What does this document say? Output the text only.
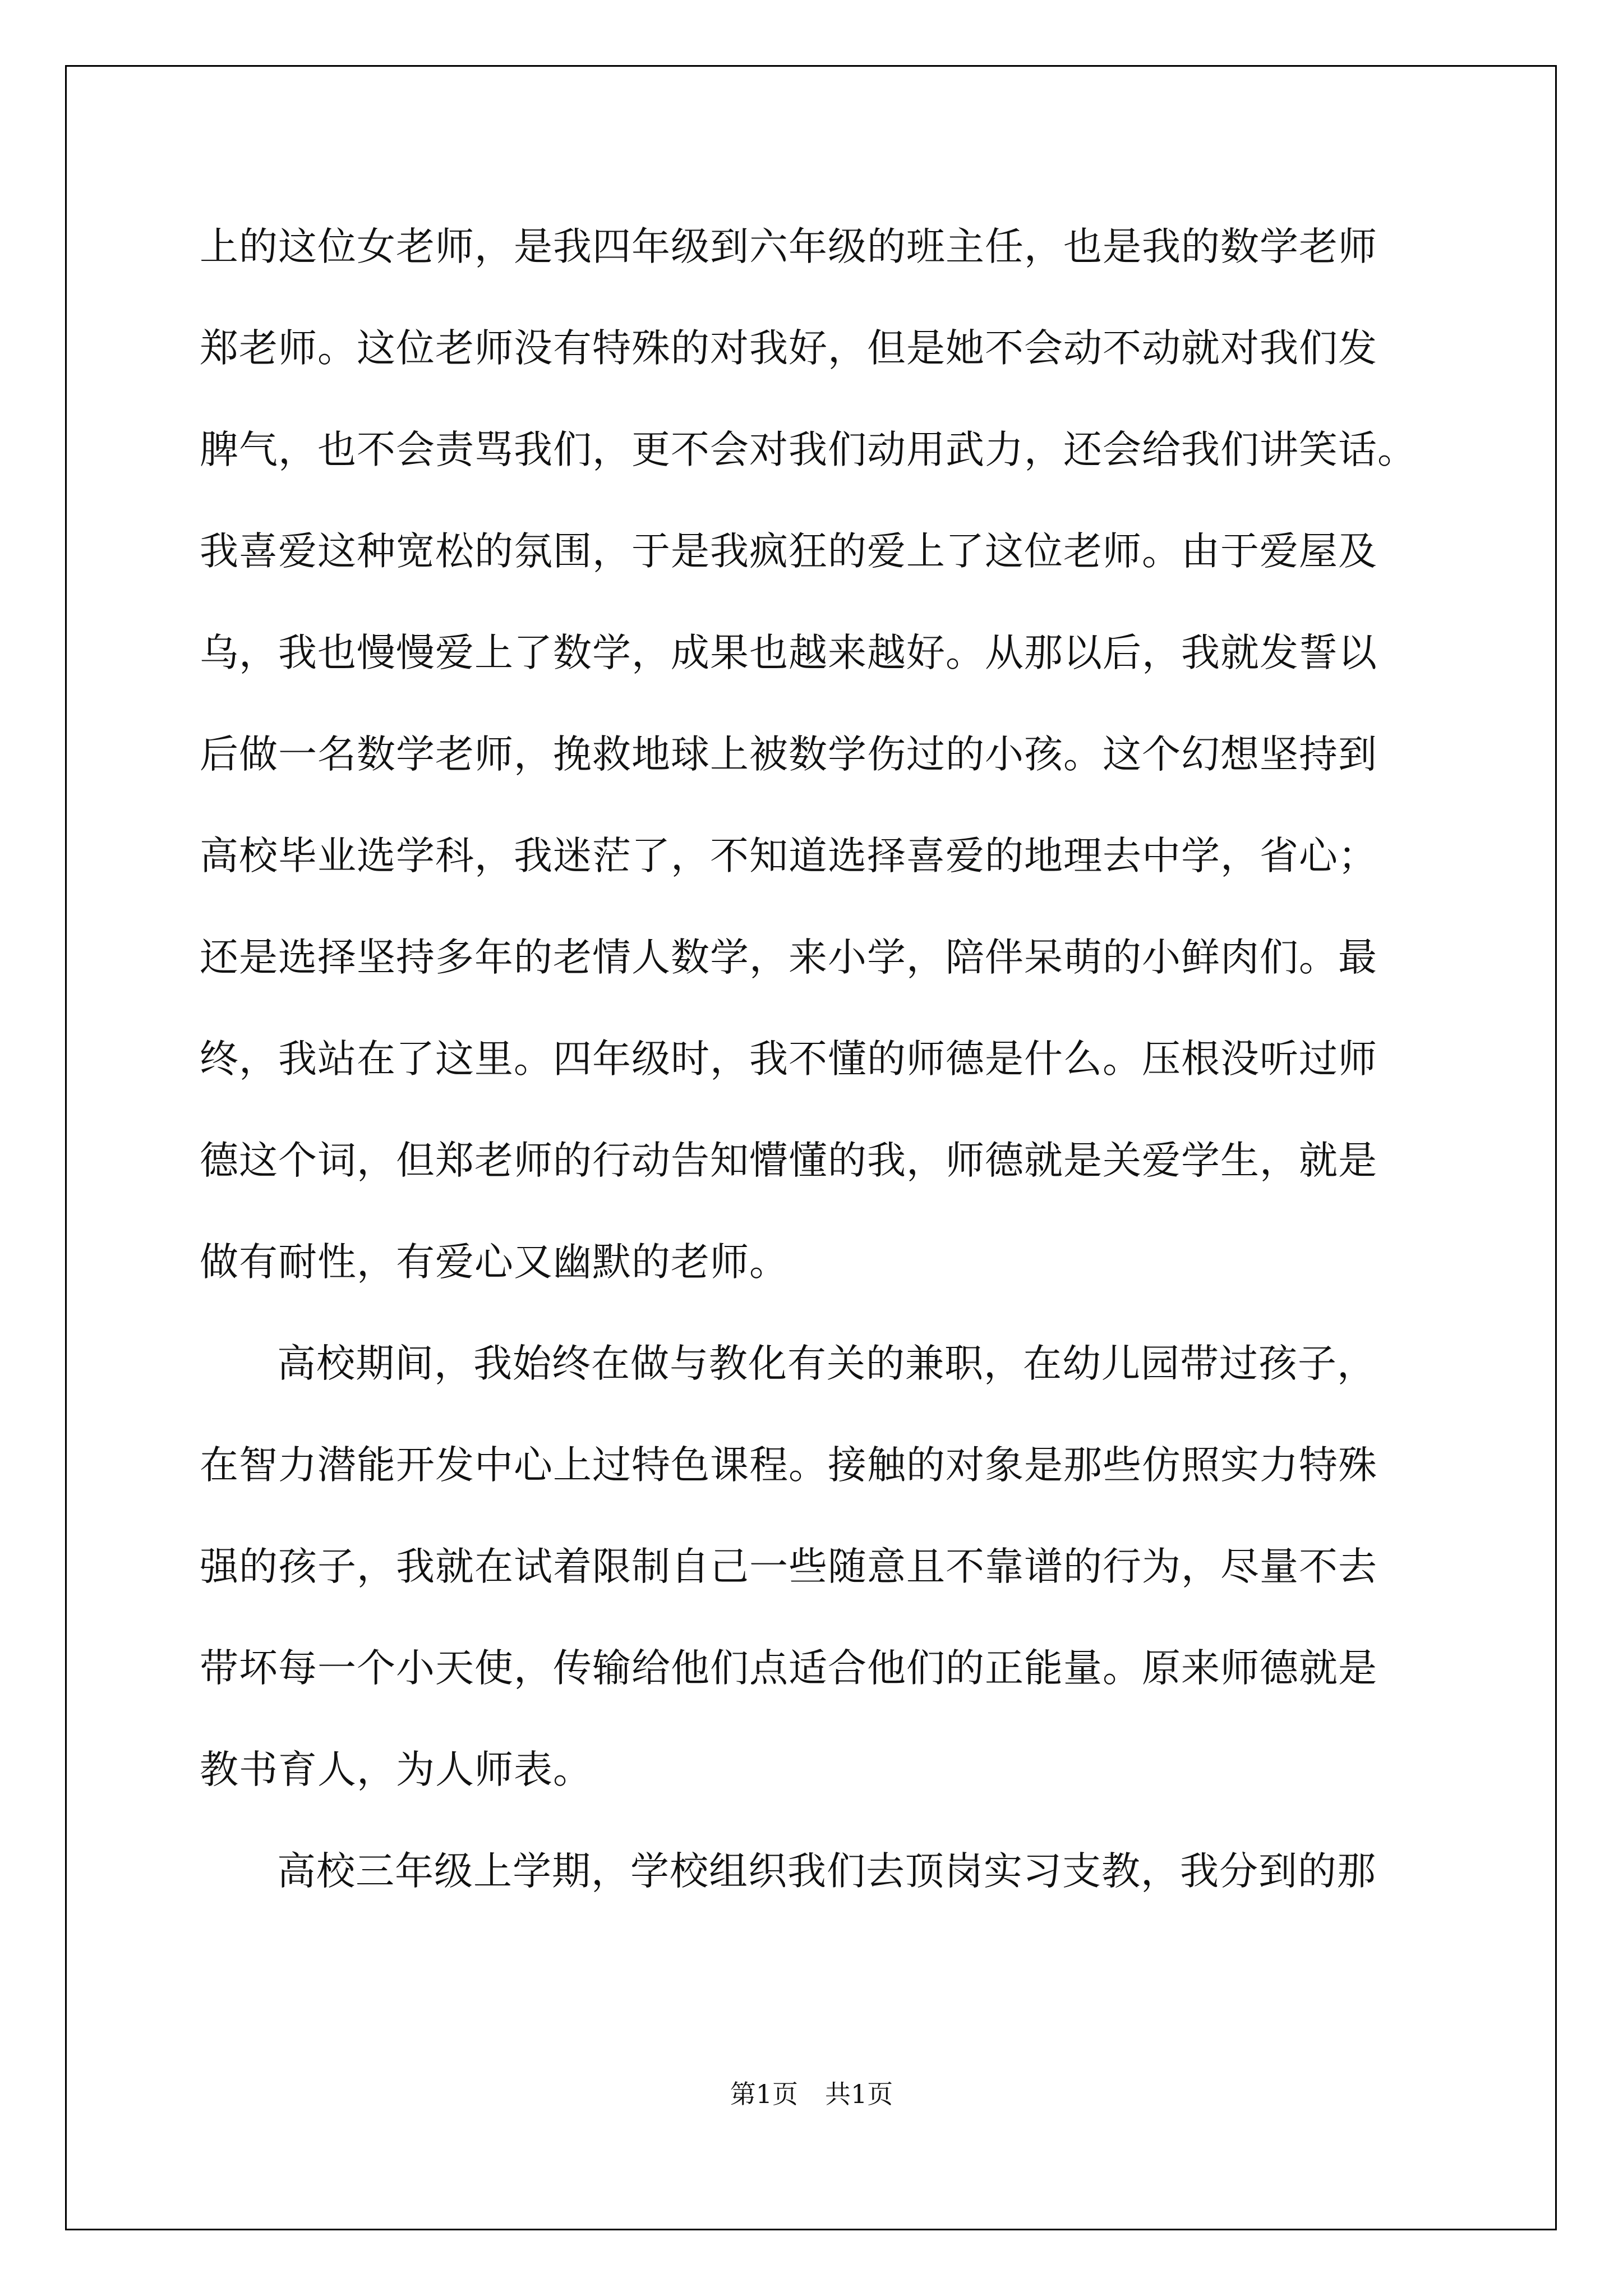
上的这位女老师，是我四年级到六年级的班主任，也是我的数学老师
郑老师。这位老师没有特殊的对我好，但是她不会动不动就对我们发
脾气，也不会责骂我们，更不会对我们动用武力，还会给我们讲笑话。
我喜爱这种宽松的氛围，于是我疯狂的爱上了这位老师。由于爱屋及
乌，我也慢慢爱上了数学，成果也越来越好。从那以后，我就发誓以
后做一名数学老师，挽救地球上被数学伤过的小孩。这个幻想坚持到
高校毕业选学科，我迷茫了，不知道选择喜爱的地理去中学，省心；
还是选择坚持多年的老情人数学，来小学，陪伴呆萌的小鲜肉们。最
终，我站在了这里。四年级时，我不懂的师德是什么。压根没听过师
德这个词，但郑老师的行动告知懵懂的我，师德就是关爱学生，就是
做有耐性，有爱心又幽默的老师。
高校期间，我始终在做与教化有关的兼职，在幼儿园带过孩子，
在智力潜能开发中心上过特色课程。接触的对象是那些仿照实力特殊
强的孩子，我就在试着限制自己一些随意且不靠谱的行为，尽量不去
带坏每一个小天使，传输给他们点适合他们的正能量。原来师德就是
教书育人，为人师表。
高校三年级上学期，学校组织我们去顶岗实习支教，我分到的那
第1页 共1页
